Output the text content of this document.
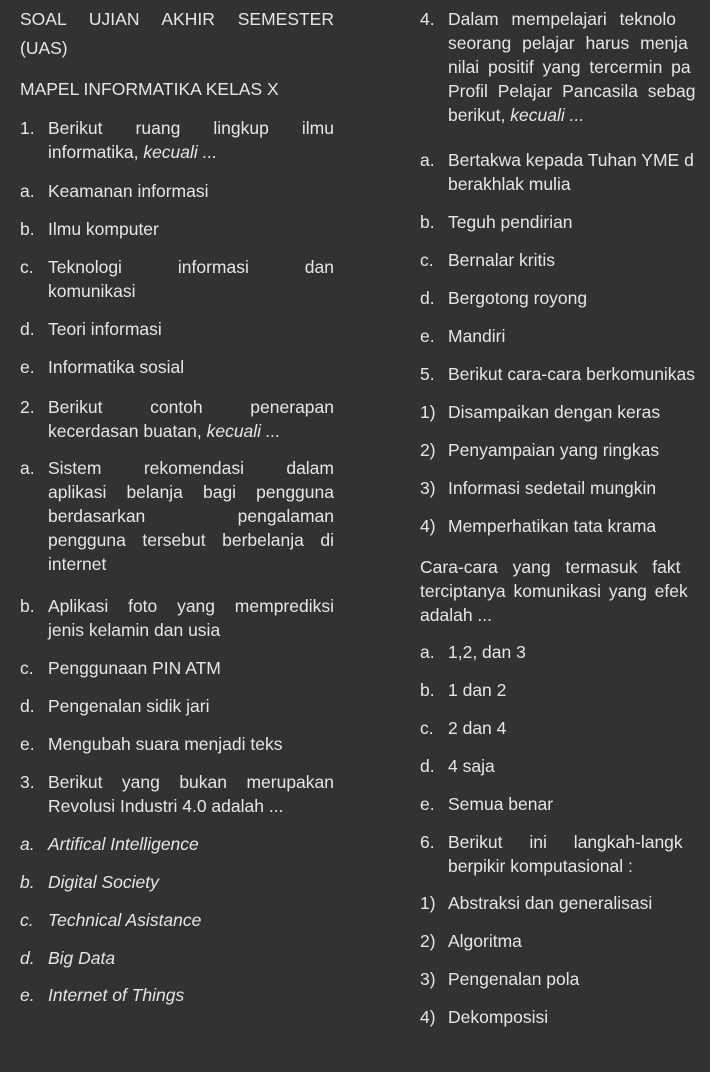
SOAL UJIAN AKHIR SEMESTER
(UAS)
MAPEL INFORMATIKA KELAS X
1. Berikut ruang lingkup ilmu
informatika, kecuali ...
a. Keamanan informasi
b. Ilmu komputer
c. Teknologi informasi dan
komunikasi
d. Teori informasi
e. Informatika sosial
2. Berikut contoh penerapan
kecerdasan buatan, kecuali ...
a. Sistem rekomendasi dalam
aplikasi belanja bagi pengguna
berdasarkan pengalaman
pengguna tersebut berbelanja di
internet
b. Aplikasi foto yang memprediksi
jenis kelamin dan usia
c. Penggunaan PIN ATM
d. Pengenalan sidik jari
e. Mengubah suara menjadi teks
3. Berikut yang bukan merupakan
Revolusi Industri 4.0 adalah ...
a. Artifical Intelligence
b. Digital Society
c. Technical Asistance
d. Big Data
e. Internet of Things
4. Dalam mempelajari teknolo
seorang pelajar harus menja
nilai positif yang tercermin pa
Profil Pelajar Pancasila sebag
berikut, kecuali ...
a. Bertakwa kepada Tuhan YME d
berakhlak mulia
b. Teguh pendirian
c. Bernalar kritis
d. Bergotong royong
e. Mandiri
5. Berikut cara-cara berkomunikas
1) Disampaikan dengan keras
2) Penyampaian yang ringkas
3) Informasi sedetail mungkin
4) Memperhatikan tata krama
Cara-cara yang termasuk fakt
terciptanya komunikasi yang efek
adalah ...
a. 1,2, dan 3
b. 1 dan 2
c. 2 dan 4
d. 4 saja
e. Semua benar
6. Berikut ini langkah-langk
berpikir komputasional :
1) Abstraksi dan generalisasi
2) Algoritma
3) Pengenalan pola
4) Dekomposisi
